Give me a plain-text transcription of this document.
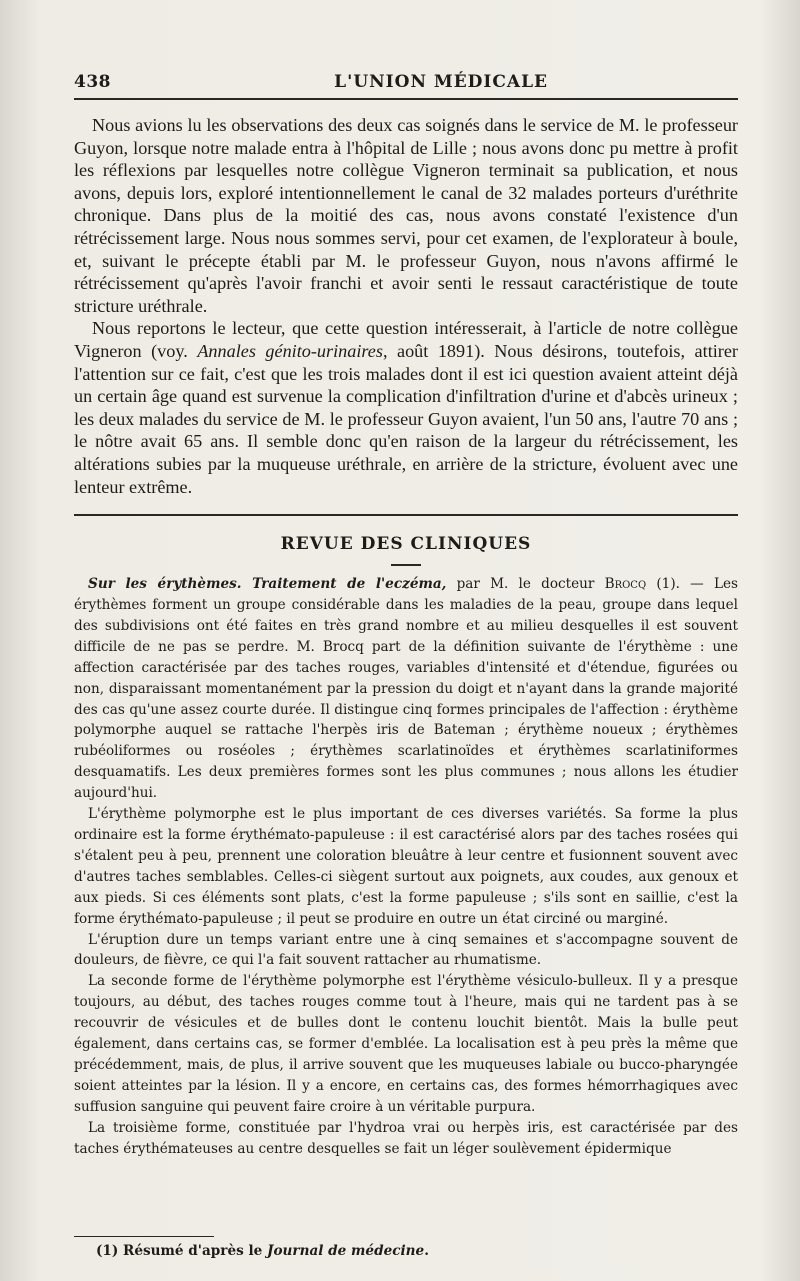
438	L'UNION MÉDICALE

Nous avions lu les observations des deux cas soignés dans le service de M. le professeur Guyon, lorsque notre malade entra à l'hôpital de Lille ; nous avons donc pu mettre à profit les réflexions par lesquelles notre collègue Vigneron terminait sa publication, et nous avons, depuis lors, exploré intentionnellement le canal de 32 malades porteurs d'uréthrite chronique. Dans plus de la moitié des cas, nous avons constaté l'existence d'un rétrécissement large. Nous nous sommes servi, pour cet examen, de l'explorateur à boule, et, suivant le précepte établi par M. le professeur Guyon, nous n'avons affirmé le rétrécissement qu'après l'avoir franchi et avoir senti le ressaut caractéristique de toute stricture uréthrale.

Nous reportons le lecteur, que cette question intéresserait, à l'article de notre collègue Vigneron (voy. Annales génito-urinaires, août 1891). Nous désirons, toutefois, attirer l'attention sur ce fait, c'est que les trois malades dont il est ici question avaient atteint déjà un certain âge quand est survenue la complication d'infiltration d'urine et d'abcès urineux ; les deux malades du service de M. le professeur Guyon avaient, l'un 50 ans, l'autre 70 ans ; le nôtre avait 65 ans. Il semble donc qu'en raison de la largeur du rétrécissement, les altérations subies par la muqueuse uréthrale, en arrière de la stricture, évoluent avec une lenteur extrême.

REVUE DES CLINIQUES

Sur les érythèmes. Traitement de l'eczéma, par M. le docteur Brocq (1). — Les érythèmes forment un groupe considérable dans les maladies de la peau, groupe dans lequel des subdivisions ont été faites en très grand nombre et au milieu desquelles il est souvent difficile de ne pas se perdre. M. Brocq part de la définition suivante de l'érythème : une affection caractérisée par des taches rouges, variables d'intensité et d'étendue, figurées ou non, disparaissant momentanément par la pression du doigt et n'ayant dans la grande majorité des cas qu'une assez courte durée. Il distingue cinq formes principales de l'affection : érythème polymorphe auquel se rattache l'herpès iris de Bateman ; érythème noueux ; érythèmes rubéoliformes ou roséoles ; érythèmes scarlatinoïdes et érythèmes scarlatiniformes desquamatifs. Les deux premières formes sont les plus communes ; nous allons les étudier aujourd'hui.

L'érythème polymorphe est le plus important de ces diverses variétés. Sa forme la plus ordinaire est la forme érythémato-papuleuse : il est caractérisé alors par des taches rosées qui s'étalent peu à peu, prennent une coloration bleuâtre à leur centre et fusionnent souvent avec d'autres taches semblables. Celles-ci siègent surtout aux poignets, aux coudes, aux genoux et aux pieds. Si ces éléments sont plats, c'est la forme papuleuse ; s'ils sont en saillie, c'est la forme érythémato-papuleuse ; il peut se produire en outre un état circiné ou marginé.

L'éruption dure un temps variant entre une à cinq semaines et s'accompagne souvent de douleurs, de fièvre, ce qui l'a fait souvent rattacher au rhumatisme.

La seconde forme de l'érythème polymorphe est l'érythème vésiculo-bulleux. Il y a presque toujours, au début, des taches rouges comme tout à l'heure, mais qui ne tardent pas à se recouvrir de vésicules et de bulles dont le contenu louchit bientôt. Mais la bulle peut également, dans certains cas, se former d'emblée. La localisation est à peu près la même que précédemment, mais, de plus, il arrive souvent que les muqueuses labiale ou bucco-pharyngée soient atteintes par la lésion. Il y a encore, en certains cas, des formes hémorrhagiques avec suffusion sanguine qui peuvent faire croire à un véritable purpura.

La troisième forme, constituée par l'hydroa vrai ou herpès iris, est caractérisée par des taches érythémateuses au centre desquelles se fait un léger soulèvement épidermique

(1) Résumé d'après le Journal de médecine.
